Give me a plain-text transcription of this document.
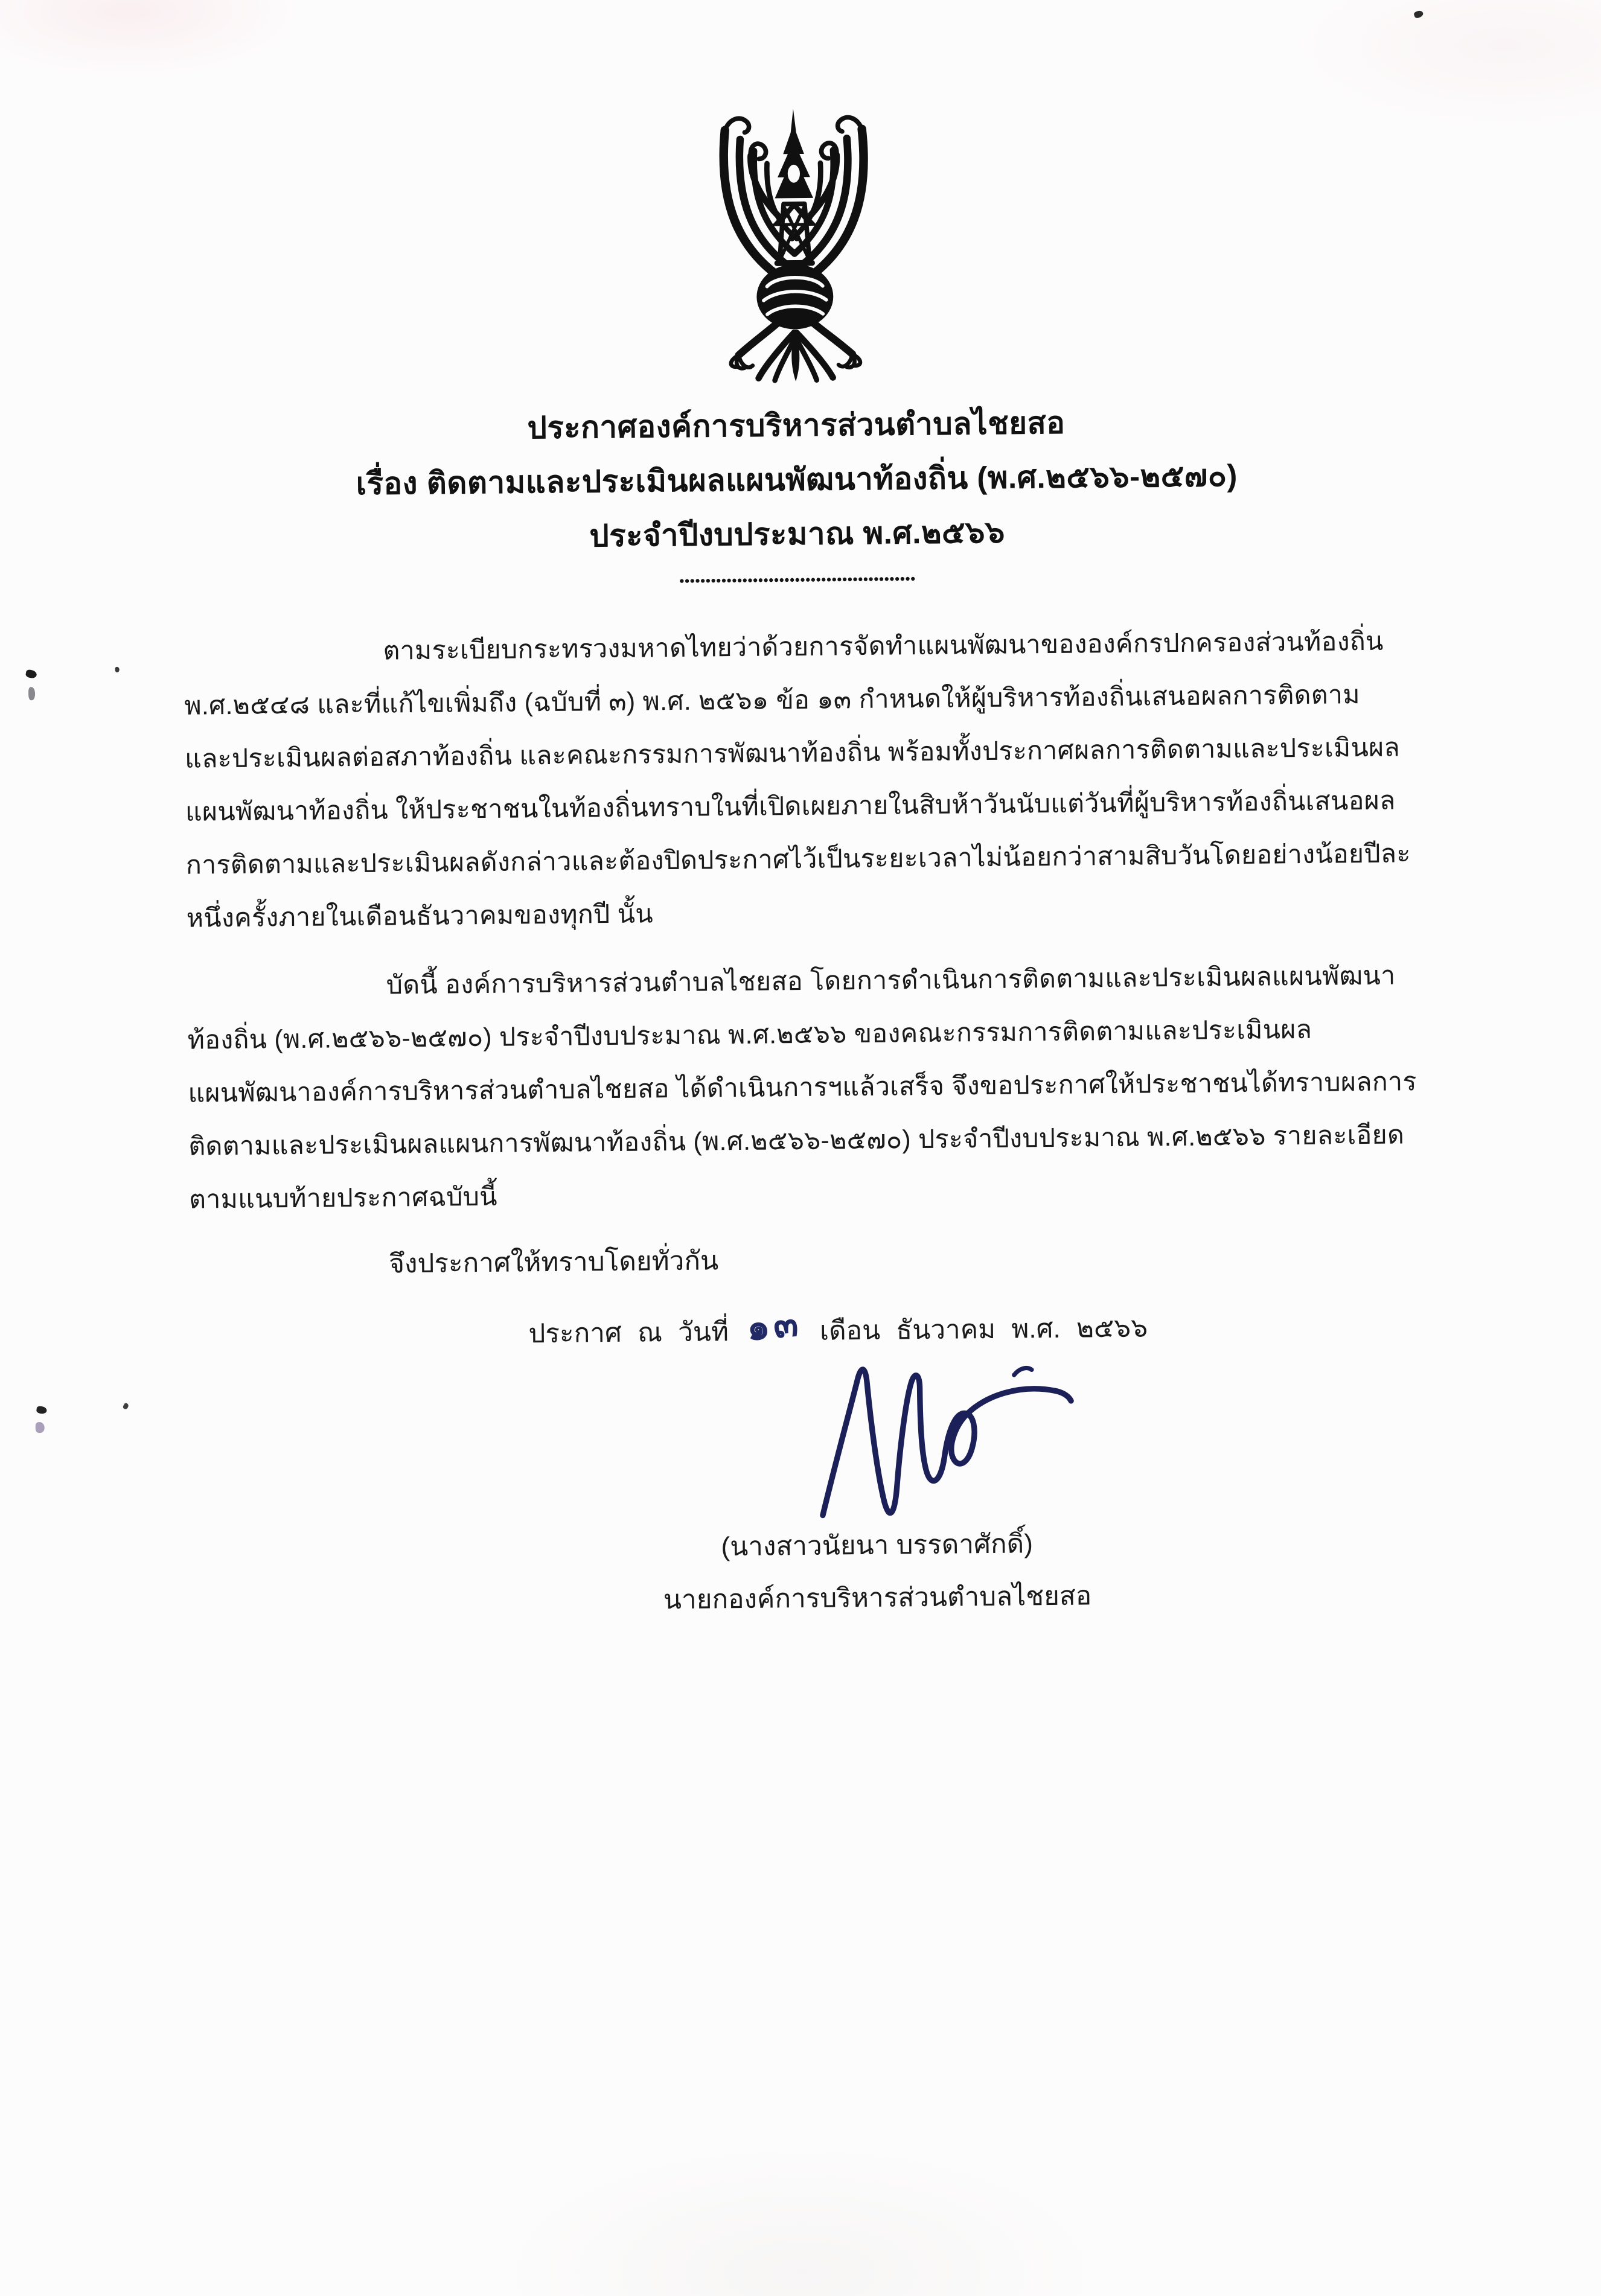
ประกาศองค์การบริหารส่วนตำบลไชยสอ
เรื่อง ติดตามและประเมินผลแผนพัฒนาท้องถิ่น (พ.ศ.๒๕๖๖-๒๕๗๐)
ประจำปีงบประมาณ พ.ศ.๒๕๖๖
•••••••••••••••••••••••••••••••••••••••••••••
ตามระเบียบกระทรวงมหาดไทยว่าด้วยการจัดทำแผนพัฒนาขององค์กรปกครองส่วนท้องถิ่น
พ.ศ.๒๕๔๘ และที่แก้ไขเพิ่มถึง (ฉบับที่ ๓) พ.ศ. ๒๕๖๑ ข้อ ๑๓ กำหนดให้ผู้บริหารท้องถิ่นเสนอผลการติดตาม
และประเมินผลต่อสภาท้องถิ่น และคณะกรรมการพัฒนาท้องถิ่น พร้อมทั้งประกาศผลการติดตามและประเมินผล
แผนพัฒนาท้องถิ่น ให้ประชาชนในท้องถิ่นทราบในที่เปิดเผยภายในสิบห้าวันนับแต่วันที่ผู้บริหารท้องถิ่นเสนอผล
การติดตามและประเมินผลดังกล่าวและต้องปิดประกาศไว้เป็นระยะเวลาไม่น้อยกว่าสามสิบวันโดยอย่างน้อยปีละ
หนึ่งครั้งภายในเดือนธันวาคมของทุกปี นั้น
บัดนี้ องค์การบริหารส่วนตำบลไชยสอ โดยการดำเนินการติดตามและประเมินผลแผนพัฒนา
ท้องถิ่น (พ.ศ.๒๕๖๖-๒๕๗๐) ประจำปีงบประมาณ พ.ศ.๒๕๖๖ ของคณะกรรมการติดตามและประเมินผล
แผนพัฒนาองค์การบริหารส่วนตำบลไชยสอ ได้ดำเนินการฯแล้วเสร็จ จึงขอประกาศให้ประชาชนได้ทราบผลการ
ติดตามและประเมินผลแผนการพัฒนาท้องถิ่น (พ.ศ.๒๕๖๖-๒๕๗๐) ประจำปีงบประมาณ พ.ศ.๒๕๖๖ รายละเอียด
ตามแนบท้ายประกาศฉบับนี้
จึงประกาศให้ทราบโดยทั่วกัน
ประกาศ ณ วันที่ ๑๓ เดือน ธันวาคม พ.ศ. ๒๕๖๖
(นางสาวนัยนา บรรดาศักดิ์)
นายกองค์การบริหารส่วนตำบลไชยสอ
